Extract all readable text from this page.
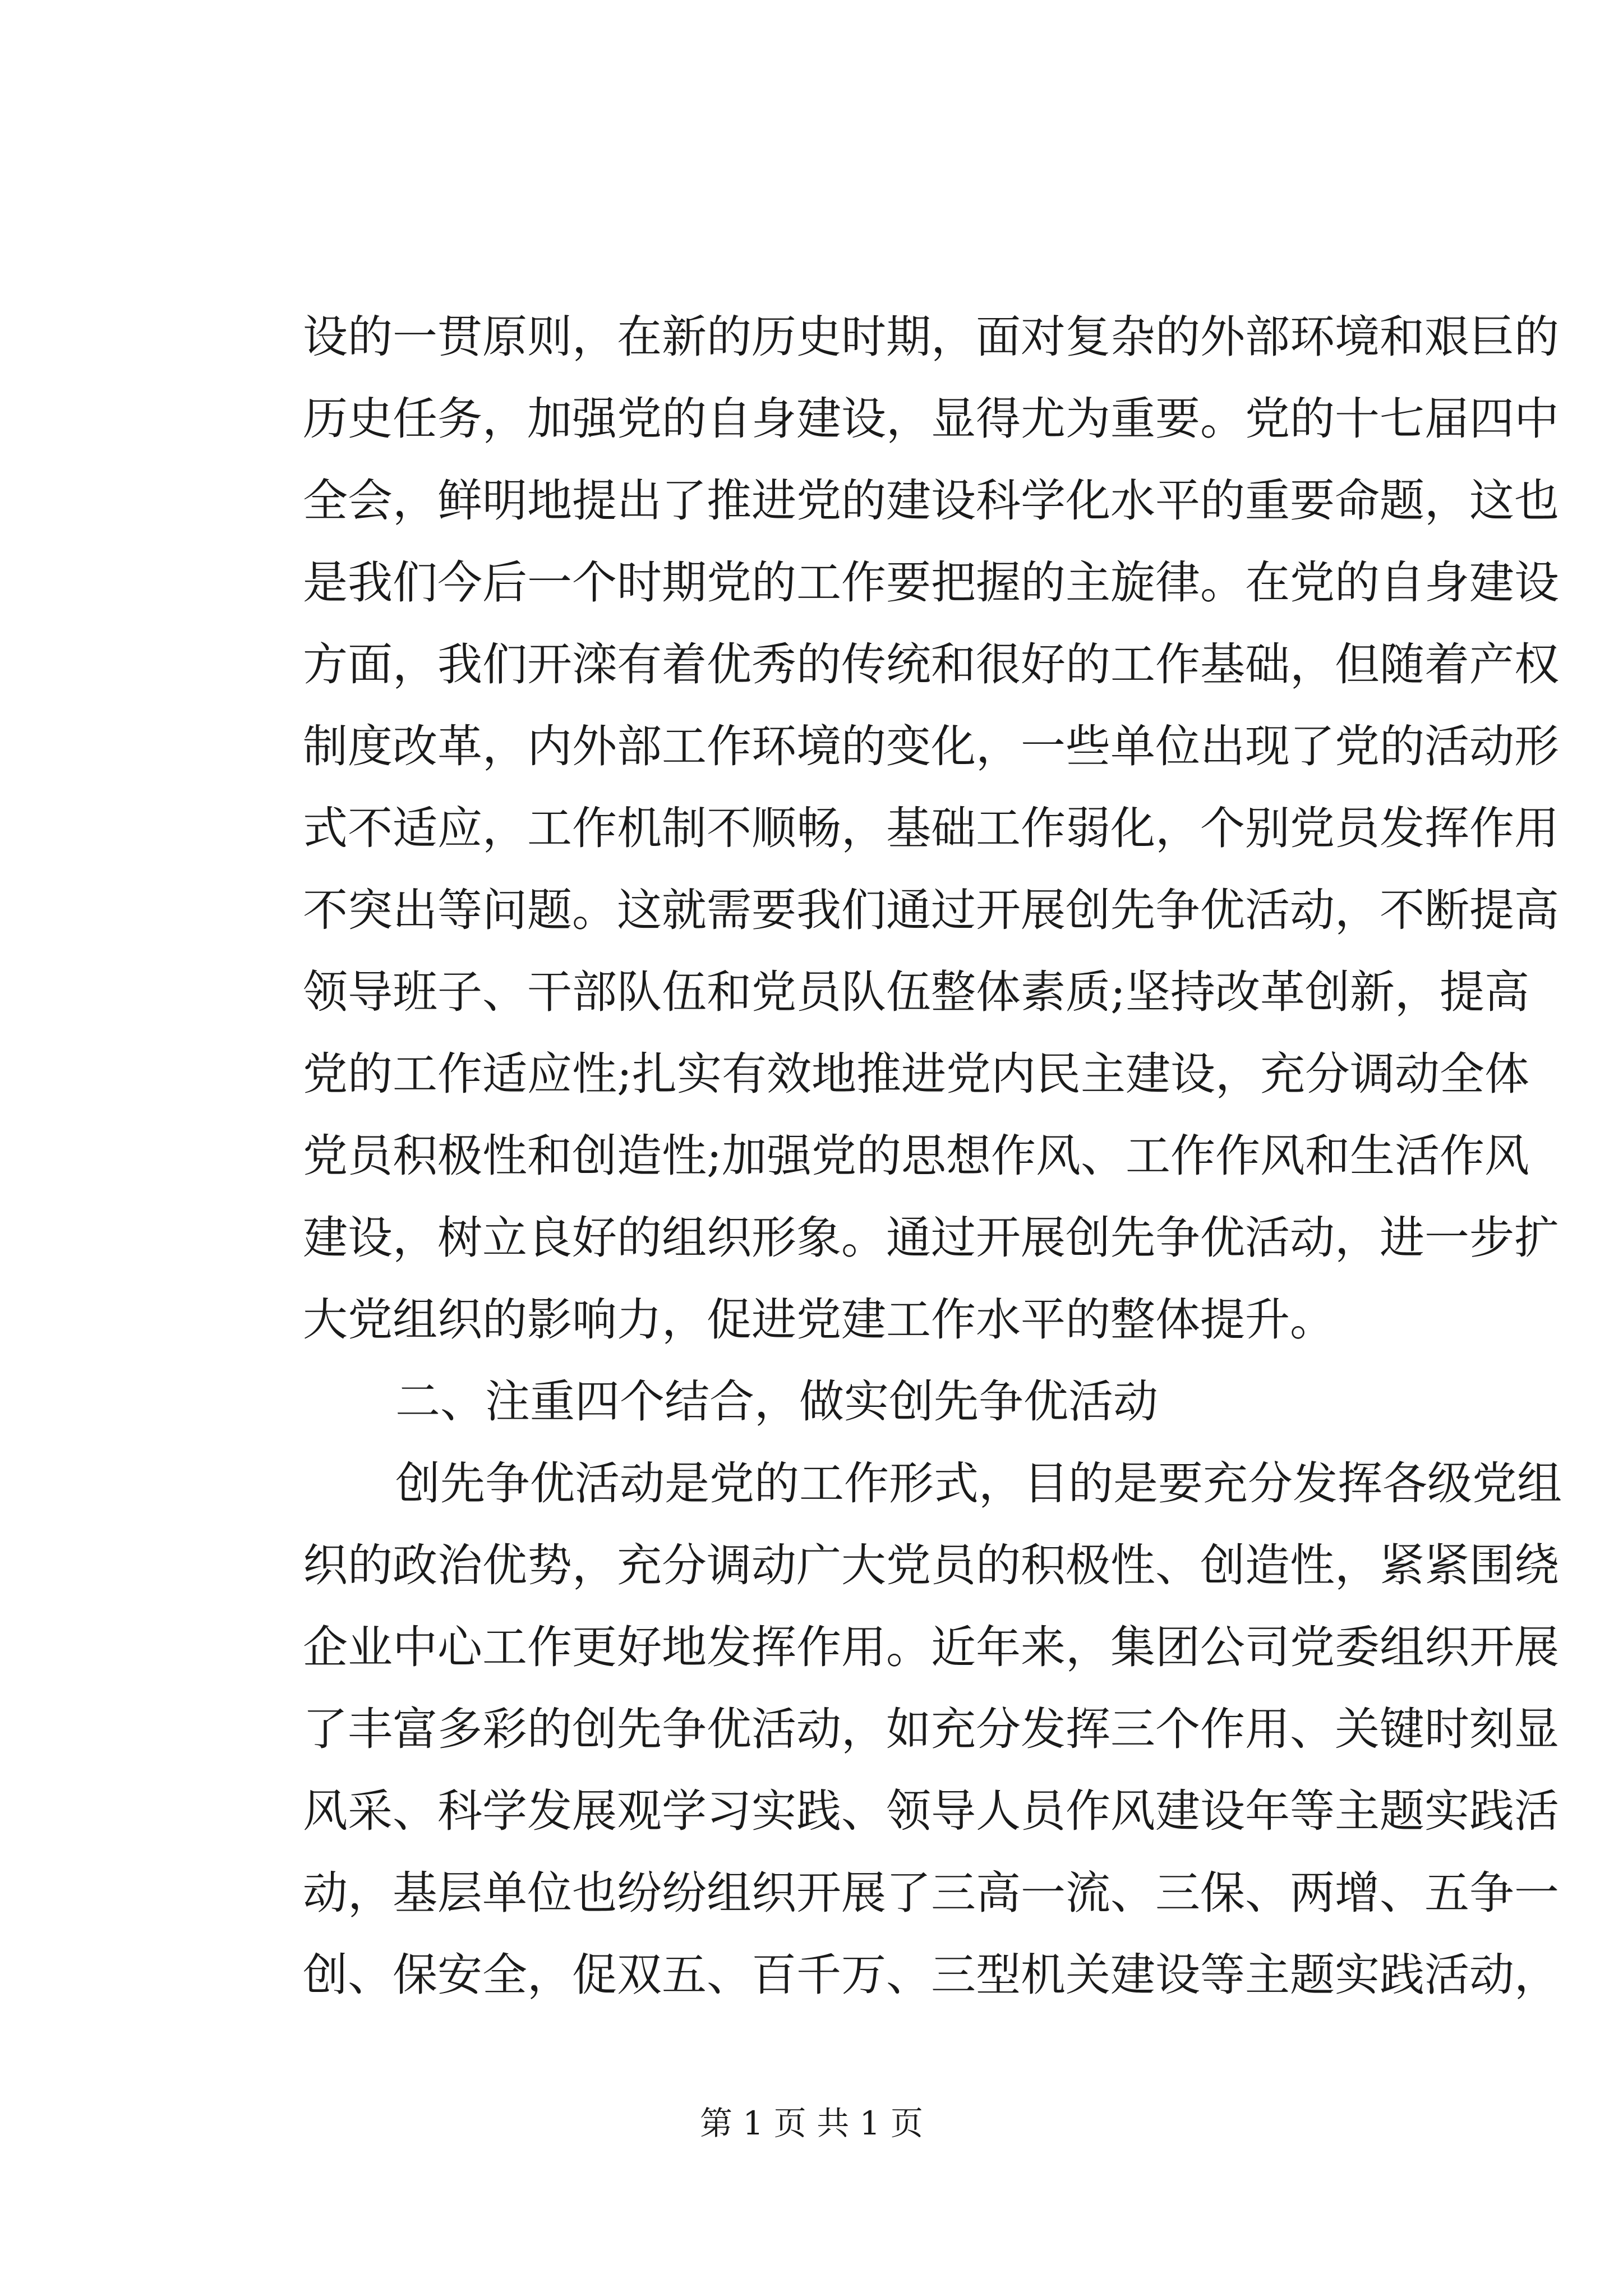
设的一贯原则，在新的历史时期，面对复杂的外部环境和艰巨的
历史任务，加强党的自身建设，显得尤为重要。党的十七届四中
全会，鲜明地提出了推进党的建设科学化水平的重要命题，这也
是我们今后一个时期党的工作要把握的主旋律。在党的自身建设
方面，我们开滦有着优秀的传统和很好的工作基础，但随着产权
制度改革，内外部工作环境的变化，一些单位出现了党的活动形
式不适应，工作机制不顺畅，基础工作弱化，个别党员发挥作用
不突出等问题。这就需要我们通过开展创先争优活动，不断提高
领导班子、干部队伍和党员队伍整体素质;坚持改革创新，提高
党的工作适应性;扎实有效地推进党内民主建设，充分调动全体
党员积极性和创造性;加强党的思想作风、工作作风和生活作风
建设，树立良好的组织形象。通过开展创先争优活动，进一步扩
大党组织的影响力，促进党建工作水平的整体提升。
二、注重四个结合，做实创先争优活动
创先争优活动是党的工作形式，目的是要充分发挥各级党组
织的政治优势，充分调动广大党员的积极性、创造性，紧紧围绕
企业中心工作更好地发挥作用。近年来，集团公司党委组织开展
了丰富多彩的创先争优活动，如充分发挥三个作用、关键时刻显
风采、科学发展观学习实践、领导人员作风建设年等主题实践活
动，基层单位也纷纷组织开展了三高一流、三保、两增、五争一
创、保安全，促双五、百千万、三型机关建设等主题实践活动，
第 1 页 共 1 页
